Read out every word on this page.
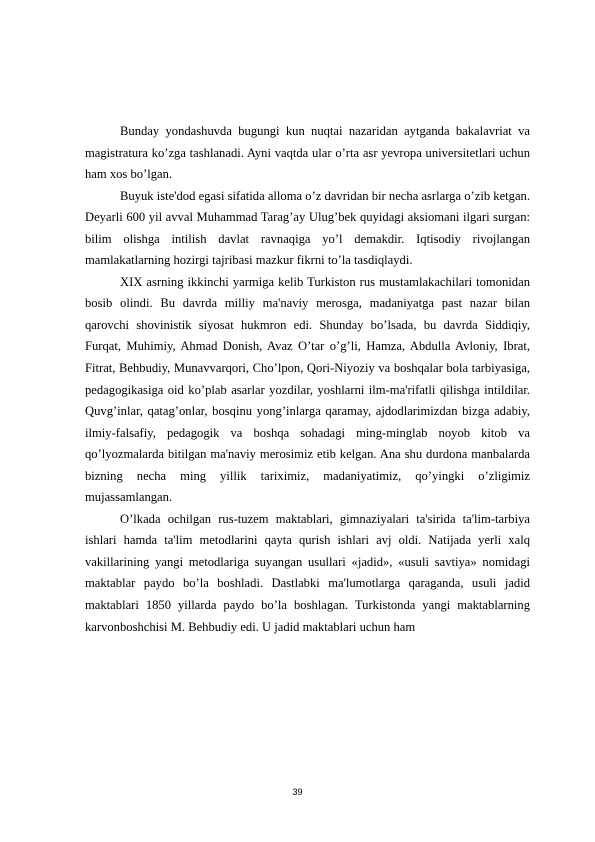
Bunday yondashuvda bugungi kun nuqtai nazaridan aytganda bakalavriat va magistratura ko’zga tashlanadi. Ayni vaqtda ular o’rta asr yevropa universitetlari uchun ham xos bo’lgan.

Buyuk iste'dod egasi sifatida alloma o’z davridan bir necha asrlarga o’zib ketgan. Deyarli 600 yil avval Muhammad Tarag’ay Ulug’bek quyidagi aksiomani ilgari surgan: bilim olishga intilish davlat ravnaqiga yo’l demakdir. Iqtisodiy rivojlangan mamlakatlarning hozirgi tajribasi mazkur fikrni to’la tasdiqlaydi.

XIX asrning ikkinchi yarmiga kelib Turkiston rus mustamlakachilari tomonidan bosib olindi. Bu davrda milliy ma'naviy merosga, madaniyatga past nazar bilan qarovchi shovinistik siyosat hukmron edi. Shunday bo’lsada, bu davrda Siddiqiy, Furqat, Muhimiy, Ahmad Donish, Avaz O’tar o’g’li, Hamza, Abdulla Avloniy, Ibrat, Fitrat, Behbudiy, Munavvarqori, Cho’lpon, Qori-Niyoziy va boshqalar bola tarbiyasiga, pedagogikasiga oid ko’plab asarlar yozdilar, yoshlarni ilm-ma'rifatli qilishga intildilar. Quvg’inlar, qatag’onlar, bosqinu yong’inlarga qaramay, ajdodlarimizdan bizga adabiy, ilmiy-falsafiy, pedagogik va boshqa sohadagi ming-minglab noyob kitob va qo’lyozmalarda bitilgan ma'naviy merosimiz etib kelgan. Ana shu durdona manbalarda bizning necha ming yillik tariximiz, madaniyatimiz, qo’yingki o’zligimiz mujassamlangan.

O’lkada ochilgan rus-tuzem maktablari, gimnaziyalari ta'sirida ta'lim-tarbiya ishlari hamda ta'lim metodlarini qayta qurish ishlari avj oldi. Natijada yerli xalq vakillarining yangi metodlariga suyangan usullari «jadid», «usuli savtiya» nomidagi maktablar paydo bo’la boshladi. Dastlabki ma'lumotlarga qaraganda, usuli jadid maktablari 1850 yillarda paydo bo’la boshlagan. Turkistonda yangi maktablarning karvonboshchisi M. Behbudiy edi. U jadid maktablari uchun ham

39
